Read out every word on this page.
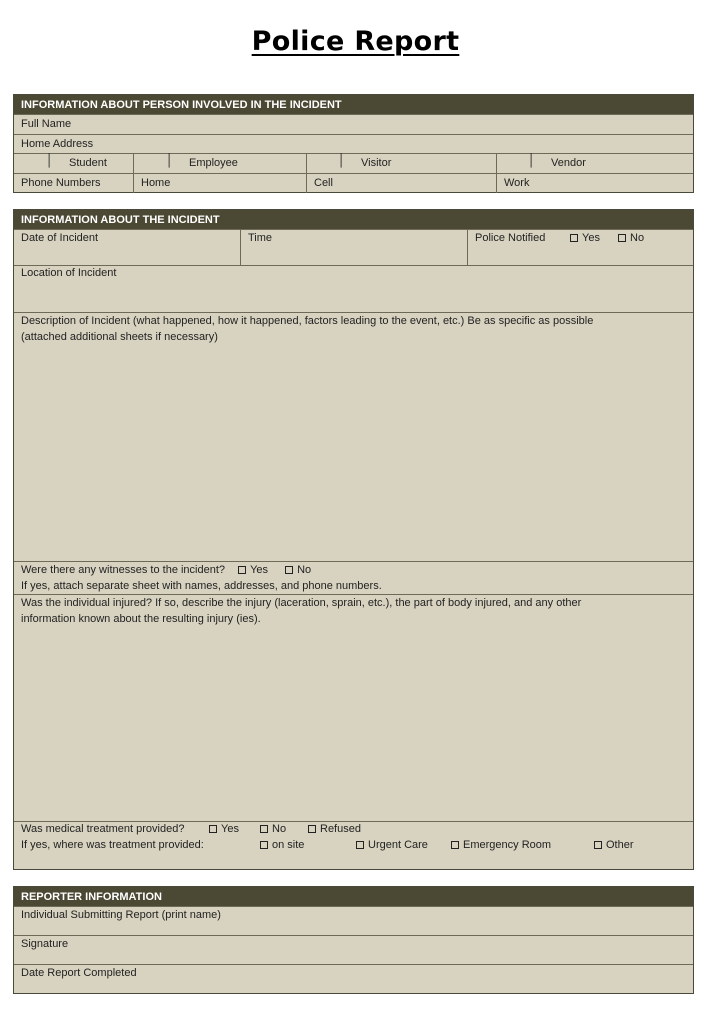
Police Report
INFORMATION ABOUT PERSON INVOLVED IN THE INCIDENT
Full Name
Home Address
│ Student	│ Employee	│ Visitor	│ Vendor
Phone Numbers	Home	Cell	Work
INFORMATION ABOUT THE INCIDENT
Date of Incident	Time	Police Notified	Yes	No
Location of Incident
Description of Incident (what happened, how it happened, factors leading to the event, etc.) Be as specific as possible
(attached additional sheets if necessary)
Were there any witnesses to the incident? Yes	No
If yes, attach separate sheet with names, addresses, and phone numbers.
Was the individual injured? If so, describe the injury (laceration, sprain, etc.), the part of body injured, and any other
information known about the resulting injury (ies).
Was medical treatment provided?	Yes	No	Refused
If yes, where was treatment provided:	on site	Urgent Care	Emergency Room	Other
REPORTER INFORMATION
Individual Submitting Report (print name)
Signature
Date Report Completed
